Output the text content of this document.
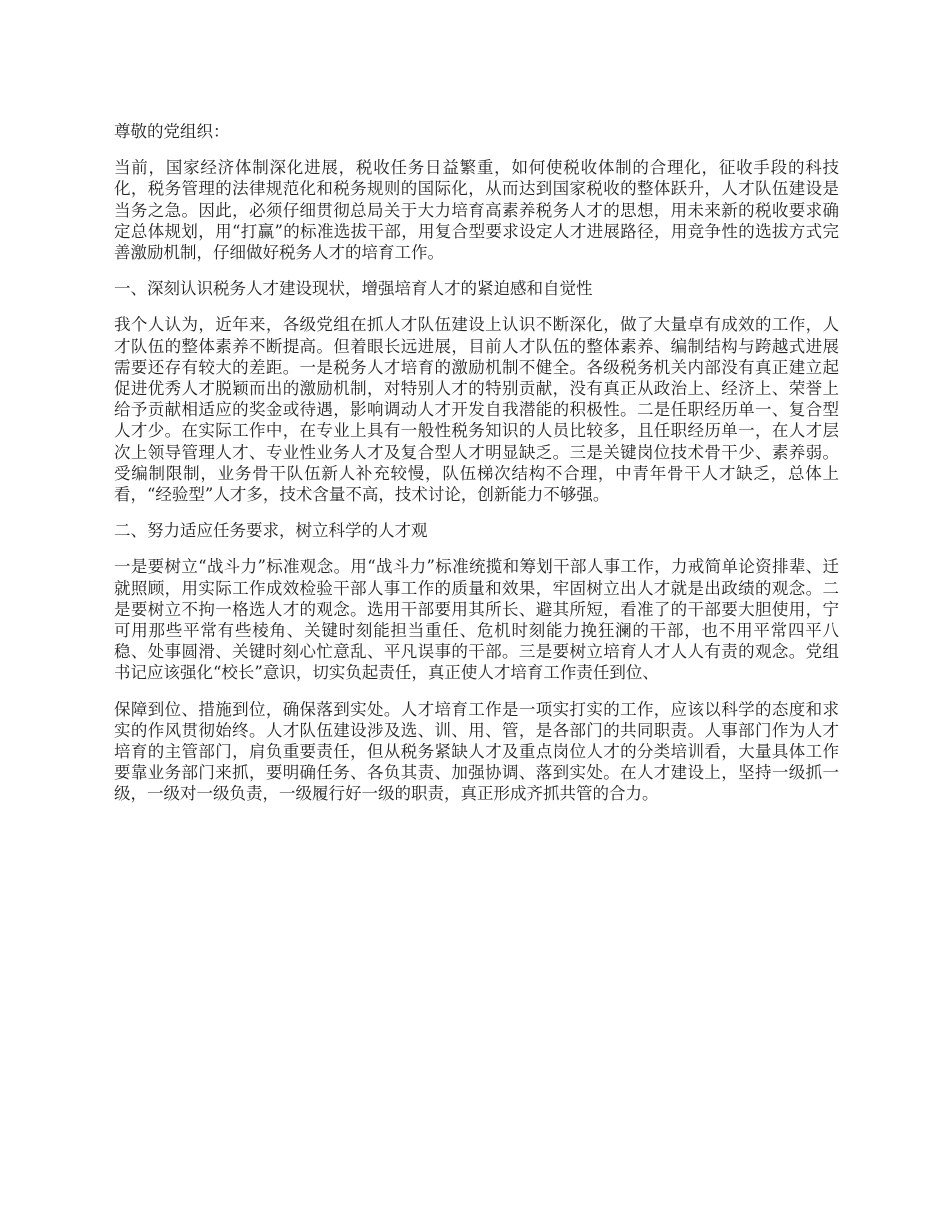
尊敬的党组织：

当前，国家经济体制深化进展，税收任务日益繁重，如何使税收体制的合理化，征收手段的科技化，税务管理的法律规范化和税务规则的国际化，从而达到国家税收的整体跃升，人才队伍建设是当务之急。因此，必须仔细贯彻总局关于大力培育高素养税务人才的思想，用未来新的税收要求确定总体规划，用“打赢”的标准选拔干部，用复合型要求设定人才进展路径，用竞争性的选拔方式完善激励机制，仔细做好税务人才的培育工作。

一、深刻认识税务人才建设现状，增强培育人才的紧迫感和自觉性

我个人认为，近年来，各级党组在抓人才队伍建设上认识不断深化，做了大量卓有成效的工作，人才队伍的整体素养不断提高。但着眼长远进展，目前人才队伍的整体素养、编制结构与跨越式进展需要还存有较大的差距。一是税务人才培育的激励机制不健全。各级税务机关内部没有真正建立起促进优秀人才脱颖而出的激励机制，对特别人才的特别贡献，没有真正从政治上、经济上、荣誉上给予贡献相适应的奖金或待遇，影响调动人才开发自我潜能的积极性。二是任职经历单一、复合型人才少。在实际工作中，在专业上具有一般性税务知识的人员比较多，且任职经历单一，在人才层次上领导管理人才、专业性业务人才及复合型人才明显缺乏。三是关键岗位技术骨干少、素养弱。受编制限制，业务骨干队伍新人补充较慢，队伍梯次结构不合理，中青年骨干人才缺乏，总体上看，“经验型”人才多，技术含量不高，技术讨论，创新能力不够强。

二、努力适应任务要求，树立科学的人才观

一是要树立“战斗力”标准观念。用“战斗力”标准统揽和筹划干部人事工作，力戒简单论资排辈、迁就照顾，用实际工作成效检验干部人事工作的质量和效果，牢固树立出人才就是出政绩的观念。二是要树立不拘一格选人才的观念。选用干部要用其所长、避其所短，看准了的干部要大胆使用，宁可用那些平常有些棱角、关键时刻能担当重任、危机时刻能力挽狂澜的干部，也不用平常四平八稳、处事圆滑、关键时刻心忙意乱、平凡误事的干部。三是要树立培育人才人人有责的观念。党组书记应该强化“校长”意识，切实负起责任，真正使人才培育工作责任到位、

保障到位、措施到位，确保落到实处。人才培育工作是一项实打实的工作，应该以科学的态度和求实的作风贯彻始终。人才队伍建设涉及选、训、用、管，是各部门的共同职责。人事部门作为人才培育的主管部门，肩负重要责任，但从税务紧缺人才及重点岗位人才的分类培训看，大量具体工作要靠业务部门来抓，要明确任务、各负其责、加强协调、落到实处。在人才建设上，坚持一级抓一级，一级对一级负责，一级履行好一级的职责，真正形成齐抓共管的合力。
